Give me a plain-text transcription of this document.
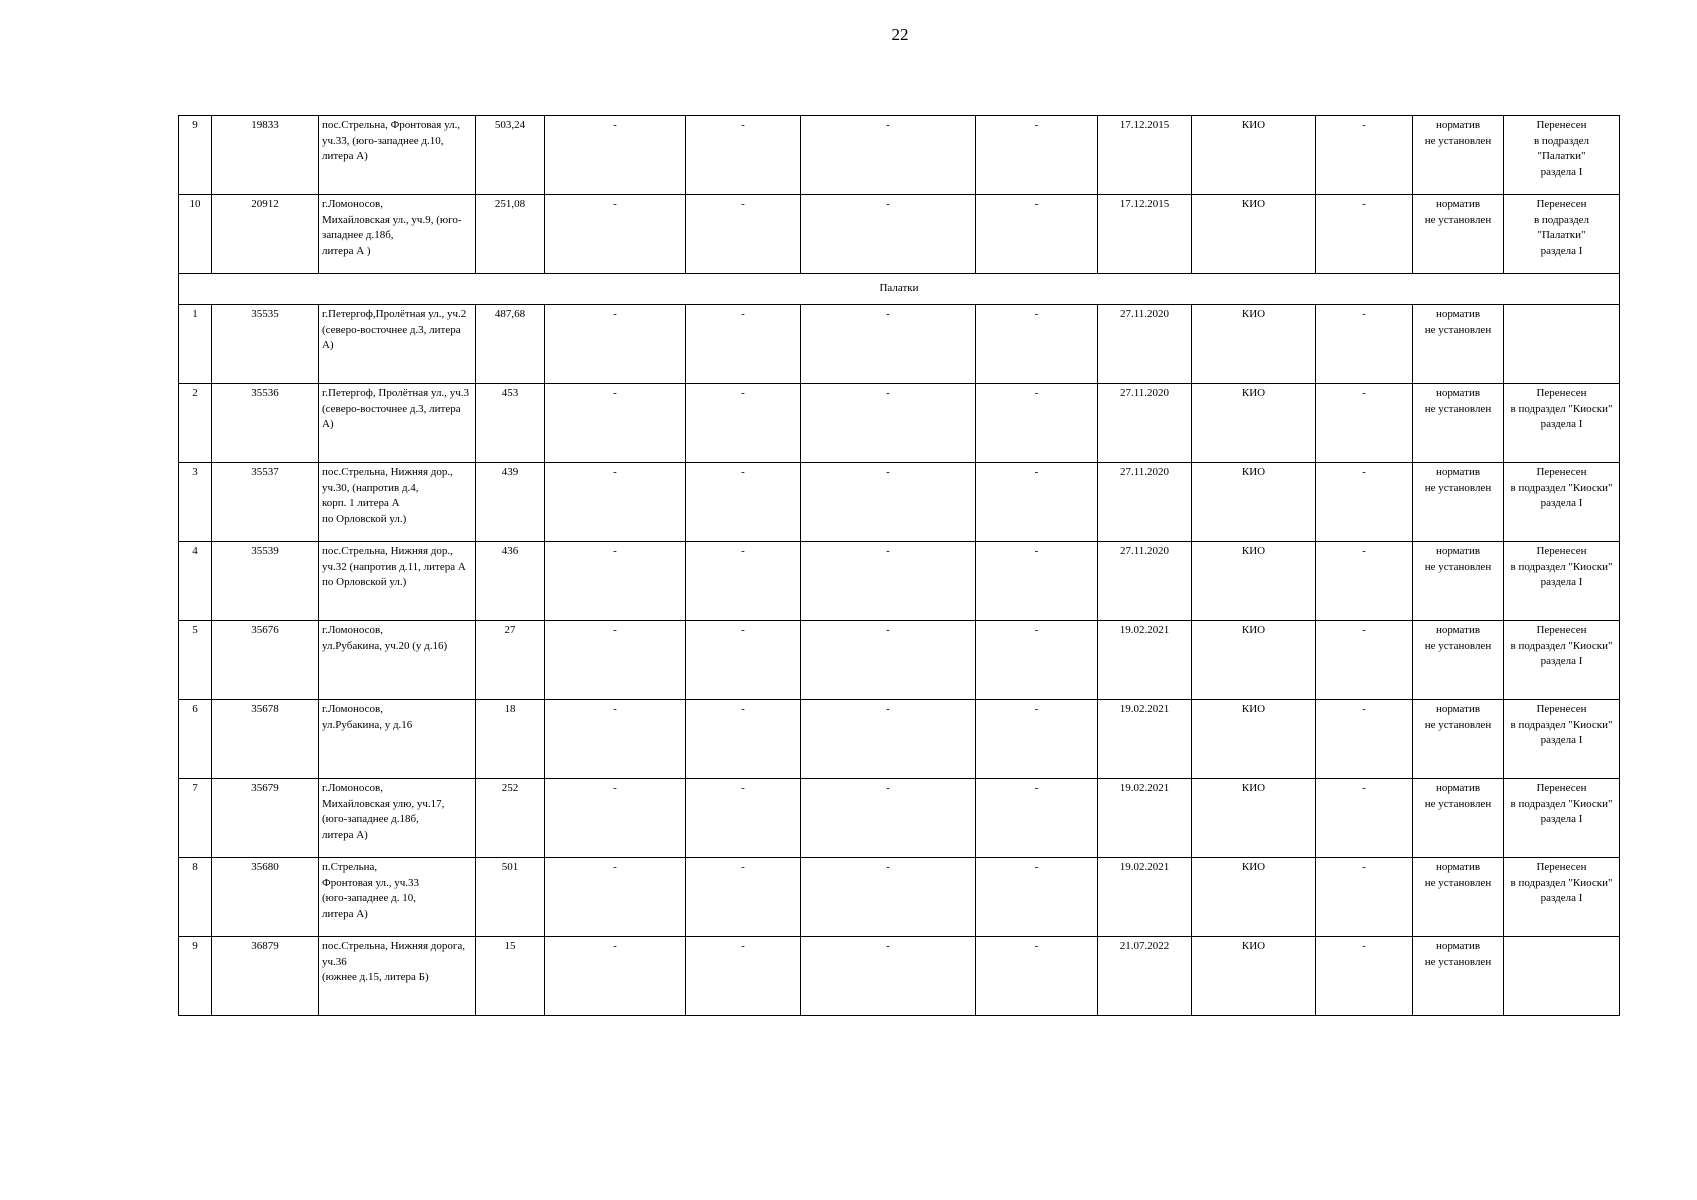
22
9	19833	пос.Стрельна, Фронтовая ул., уч.33, (юго-западнее д.10, литера А)	503,24	-	-	-	-	17.12.2015	КИО	-	норматив
не установлен	Перенесен
в подраздел
"Палатки"
раздела I
10	20912	г.Ломоносов,
Михайловская ул., уч.9, (юго-западнее д.18б,
литера А )	251,08	-	-	-	-	17.12.2015	КИО	-	норматив
не установлен	Перенесен
в подраздел
"Палатки"
раздела I
Палатки												
1	35535	г.Петергоф,Пролётная ул., уч.2 (северо-восточнее д.3, литера А)	487,68	-	-	-	-	27.11.2020	КИО	-	норматив
не установлен	
2	35536	г.Петергоф, Пролётная ул., уч.3 (северо-восточнее д.3, литера А)	453	-	-	-	-	27.11.2020	КИО	-	норматив
не установлен	Перенесен
в подраздел "Киоски"
раздела I
3	35537	пос.Стрельна, Нижняя дор., уч.30, (напротив д.4,
корп. 1 литера А
по Орловской ул.)	439	-	-	-	-	27.11.2020	КИО	-	норматив
не установлен	Перенесен
в подраздел "Киоски"
раздела I
4	35539	пос.Стрельна, Нижняя дор., уч.32 (напротив д.11, литера А по Орловской ул.)	436	-	-	-	-	27.11.2020	КИО	-	норматив
не установлен	Перенесен
в подраздел "Киоски"
раздела I
5	35676	г.Ломоносов,
ул.Рубакина, уч.20 (у д.16)	27	-	-	-	-	19.02.2021	КИО	-	норматив
не установлен	Перенесен
в подраздел "Киоски"
раздела I
6	35678	г.Ломоносов,
ул.Рубакина, у д.16	18	-	-	-	-	19.02.2021	КИО	-	норматив
не установлен	Перенесен
в подраздел "Киоски"
раздела I
7	35679	г.Ломоносов,
Михайловская улю, уч.17,
(юго-западнее д.18б,
литера А)	252	-	-	-	-	19.02.2021	КИО	-	норматив
не установлен	Перенесен
в подраздел "Киоски"
раздела I
8	35680	п.Стрельна,
Фронтовая ул., уч.33
(юго-западнее д. 10,
литера А)	501	-	-	-	-	19.02.2021	КИО	-	норматив
не установлен	Перенесен
в подраздел "Киоски"
раздела I
9	36879	пос.Стрельна, Нижняя дорога, уч.36
(южнее д.15, литера Б)	15	-	-	-	-	21.07.2022	КИО	-	норматив
не установлен	
